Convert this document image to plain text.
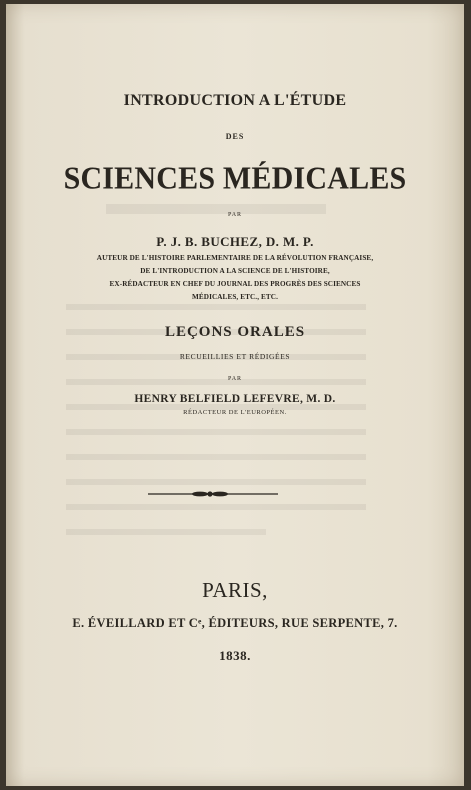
INTRODUCTION A L'ÉTUDE
DES
SCIENCES MÉDICALES
PAR
P. J. B. BUCHEZ, D. M. P.
AUTEUR DE L'HISTOIRE PARLEMENTAIRE DE LA RÉVOLUTION FRANÇAISE,
DE L'INTRODUCTION A LA SCIENCE DE L'HISTOIRE,
EX-RÉDACTEUR EN CHEF DU JOURNAL DES PROGRÈS DES SCIENCES
MÉDICALES, ETC., ETC.
LEÇONS ORALES
RECUEILLIES ET RÉDIGÉES
PAR
HENRY BELFIELD LEFEVRE, M. D.
RÉDACTEUR DE L'EUROPÉEN.
PARIS,
E. ÉVEILLARD ET Cᵉ, ÉDITEURS, RUE SERPENTE, 7.
1838.
